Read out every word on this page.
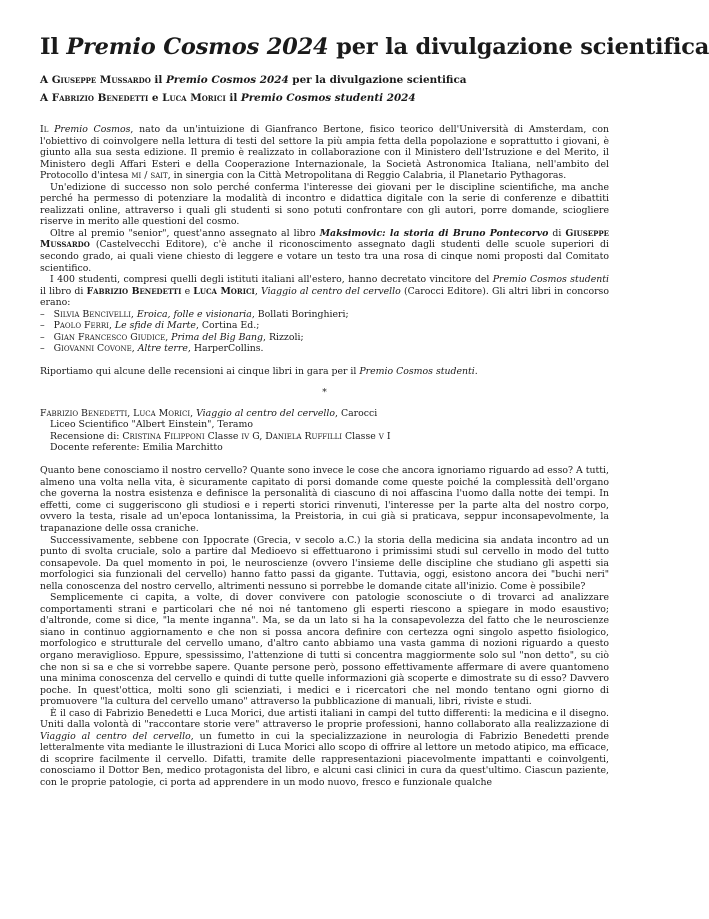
Il Premio Cosmos 2024 per la divulgazione scientifica
A Giuseppe Mussardo il Premio Cosmos 2024 per la divulgazione scientifica
A Fabrizio Benedetti e Luca Morici il Premio Cosmos studenti 2024

Il Premio Cosmos, nato da un'intuizione di Gianfranco Bertone, fisico teorico dell'Università di Amsterdam, con l'obiettivo di coinvolgere nella lettura di testi del settore la più ampia fetta della popolazione e soprattutto i giovani, è giunto alla sua sesta edizione. Il premio è realizzato in collaborazione con il Ministero dell'Istruzione e del Merito, il Ministero degli Affari Esteri e della Cooperazione Internazionale, la Società Astronomica Italiana, nell'ambito del Protocollo d'intesa mi / sait, in sinergia con la Città Metropolitana di Reggio Calabria, il Planetario Pythagoras.

Un'edizione di successo non solo perché conferma l'interesse dei giovani per le discipline scientifiche, ma anche perché ha permesso di potenziare la modalità di incontro e didattica digitale con la serie di conferenze e dibattiti realizzati online, attraverso i quali gli studenti si sono potuti confrontare con gli autori, porre domande, sciogliere riserve in merito alle questioni del cosmo.

Oltre al premio "senior", quest'anno assegnato al libro Maksimovic: la storia di Bruno Pontecorvo di Giuseppe Mussardo (Castelvecchi Editore), c'è anche il riconoscimento assegnato dagli studenti delle scuole superiori di secondo grado, ai quali viene chiesto di leggere e votare un testo tra una rosa di cinque nomi proposti dal Comitato scientifico.

I 400 studenti, compresi quelli degli istituti italiani all'estero, hanno decretato vincitore del Premio Cosmos studenti il libro di Fabrizio Benedetti e Luca Morici, Viaggio al centro del cervello (Carocci Editore). Gli altri libri in concorso erano:

–   Silvia Bencivelli, Eroica, folle e visionaria, Bollati Boringhieri;
–   Paolo Ferri, Le sfide di Marte, Cortina Ed.;
–   Gian Francesco Giudice, Prima del Big Bang, Rizzoli;
–   Giovanni Covone, Altre terre, HarperCollins.

Riportiamo qui alcune delle recensioni ai cinque libri in gara per il Premio Cosmos studenti.

*
Fabrizio Benedetti, Luca Morici, Viaggio al centro del cervello, Carocci
Liceo Scientifico "Albert Einstein", Teramo
Recensione di: Cristina Filipponi Classe iv G, Daniela Ruffilli Classe v I
Docente referente: Emilia Marchitto

Quanto bene conosciamo il nostro cervello? Quante sono invece le cose che ancora ignoriamo riguardo ad esso? A tutti, almeno una volta nella vita, è sicuramente capitato di porsi domande come queste poiché la complessità dell'organo che governa la nostra esistenza e definisce la personalità di ciascuno di noi affascina l'uomo dalla notte dei tempi. In effetti, come ci suggeriscono gli studiosi e i reperti storici rinvenuti, l'interesse per la parte alta del nostro corpo, ovvero la testa, risale ad un'epoca lontanissima, la Preistoria, in cui già si praticava, seppur inconsapevolmente, la trapanazione delle ossa craniche.

Successivamente, sebbene con Ippocrate (Grecia, v secolo a.C.) la storia della medicina sia andata incontro ad un punto di svolta cruciale, solo a partire dal Medioevo si effettuarono i primissimi studi sul cervello in modo del tutto consapevole. Da quel momento in poi, le neuroscienze (ovvero l'insieme delle discipline che studiano gli aspetti sia morfologici sia funzionali del cervello) hanno fatto passi da gigante. Tuttavia, oggi, esistono ancora dei "buchi neri" nella conoscenza del nostro cervello, altrimenti nessuno si porrebbe le domande citate all'inizio. Come è possibile?

Semplicemente ci capita, a volte, di dover convivere con patologie sconosciute o di trovarci ad analizzare comportamenti strani e particolari che né noi né tantomeno gli esperti riescono a spiegare in modo esaustivo; d'altronde, come si dice, "la mente inganna". Ma, se da un lato si ha la consapevolezza del fatto che le neuroscienze siano in continuo aggiornamento e che non si possa ancora definire con certezza ogni singolo aspetto fisiologico, morfologico e strutturale del cervello umano, d'altro canto abbiamo una vasta gamma di nozioni riguardo a questo organo meraviglioso. Eppure, spessissimo, l'attenzione di tutti si concentra maggiormente solo sul "non detto", su ciò che non si sa e che si vorrebbe sapere. Quante persone però, possono effettivamente affermare di avere quantomeno una minima conoscenza del cervello e quindi di tutte quelle informazioni già scoperte e dimostrate su di esso? Davvero poche. In quest'ottica, molti sono gli scienziati, i medici e i ricercatori che nel mondo tentano ogni giorno di promuovere "la cultura del cervello umano" attraverso la pubblicazione di manuali, libri, riviste e studi.

È il caso di Fabrizio Benedetti e Luca Morici, due artisti italiani in campi del tutto differenti: la medicina e il disegno. Uniti dalla volontà di "raccontare storie vere" attraverso le proprie professioni, hanno collaborato alla realizzazione di Viaggio al centro del cervello, un fumetto in cui la specializzazione in neurologia di Fabrizio Benedetti prende letteralmente vita mediante le illustrazioni di Luca Morici allo scopo di offrire al lettore un metodo atipico, ma efficace, di scoprire facilmente il cervello. Difatti, tramite delle rappresentazioni piacevolmente impattanti e coinvolgenti, conosciamo il Dottor Ben, medico protagonista del libro, e alcuni casi clinici in cura da quest'ultimo. Ciascun paziente, con le proprie patologie, ci porta ad apprendere in un modo nuovo, fresco e funzionale qualche
